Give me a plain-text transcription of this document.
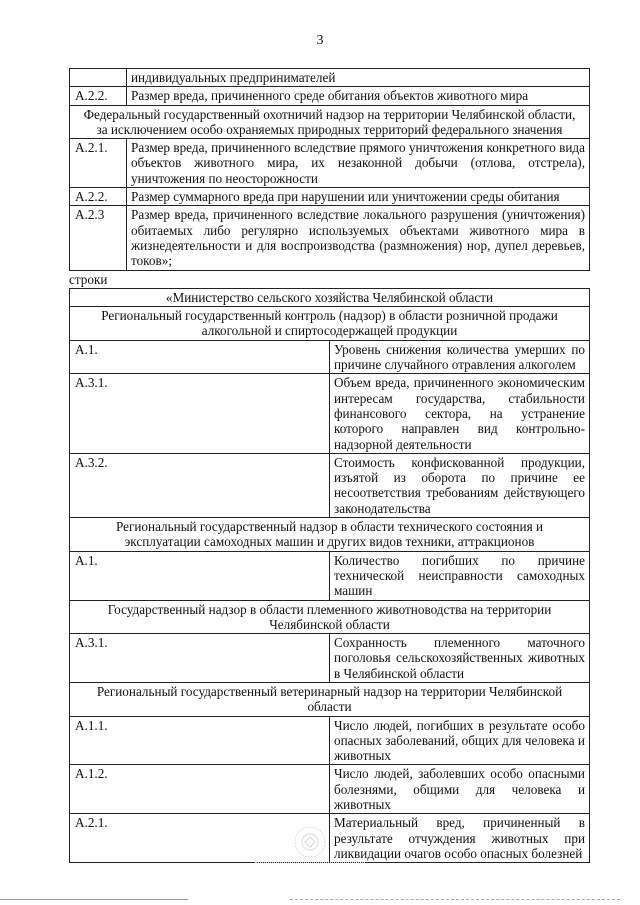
3
	индивидуальных предпринимателей
А.2.2.	Размер вреда, причиненного среде обитания объектов животного мира
Федеральный государственный охотничий надзор на территории Челябинской области, за исключением особо охраняемых природных территорий федерального значения	
А.2.1.	Размер вреда, причиненного вследствие прямого уничтожения конкретного вида объектов животного мира, их незаконной добычи (отлова, отстрела), уничтожения по неосторожности
А.2.2.	Размер суммарного вреда при нарушении или уничтожении среды обитания
А.2.3	Размер вреда, причиненного вследствие локального разрушения (уничтожения) обитаемых либо регулярно используемых объектами животного мира в жизнедеятельности и для воспроизводства (размножения) нор, дупел деревьев, токов»;
строки
«Министерство сельского хозяйства Челябинской области	
Региональный государственный контроль (надзор) в области розничной продажи алкогольной и спиртосодержащей продукции	
А.1.	Уровень снижения количества умерших по причине случайного отравления алкоголем
А.3.1.	Объем вреда, причиненного экономическим интересам государства, стабильности финансового сектора, на устранение которого направлен вид контрольно-надзорной деятельности
А.3.2.	Стоимость конфискованной продукции, изъятой из оборота по причине ее несоответствия требованиям действующего законодательства
Региональный государственный надзор в области технического состояния и эксплуатации самоходных машин и других видов техники, аттракционов	
А.1.	Количество погибших по причине технической неисправности самоходных машин
Государственный надзор в области племенного животноводства на территории Челябинской области	
А.3.1.	Сохранность племенного маточного поголовья сельскохозяйственных животных в Челябинской области
Региональный государственный ветеринарный надзор на территории Челябинской области	
А.1.1.	Число людей, погибших в результате особо опасных заболеваний, общих для человека и животных
А.1.2.	Число людей, заболевших особо опасными болезнями, общими для человека и животных
А.2.1.	Материальный вред, причиненный в результате отчуждения животных при ликвидации очагов особо опасных болезней
